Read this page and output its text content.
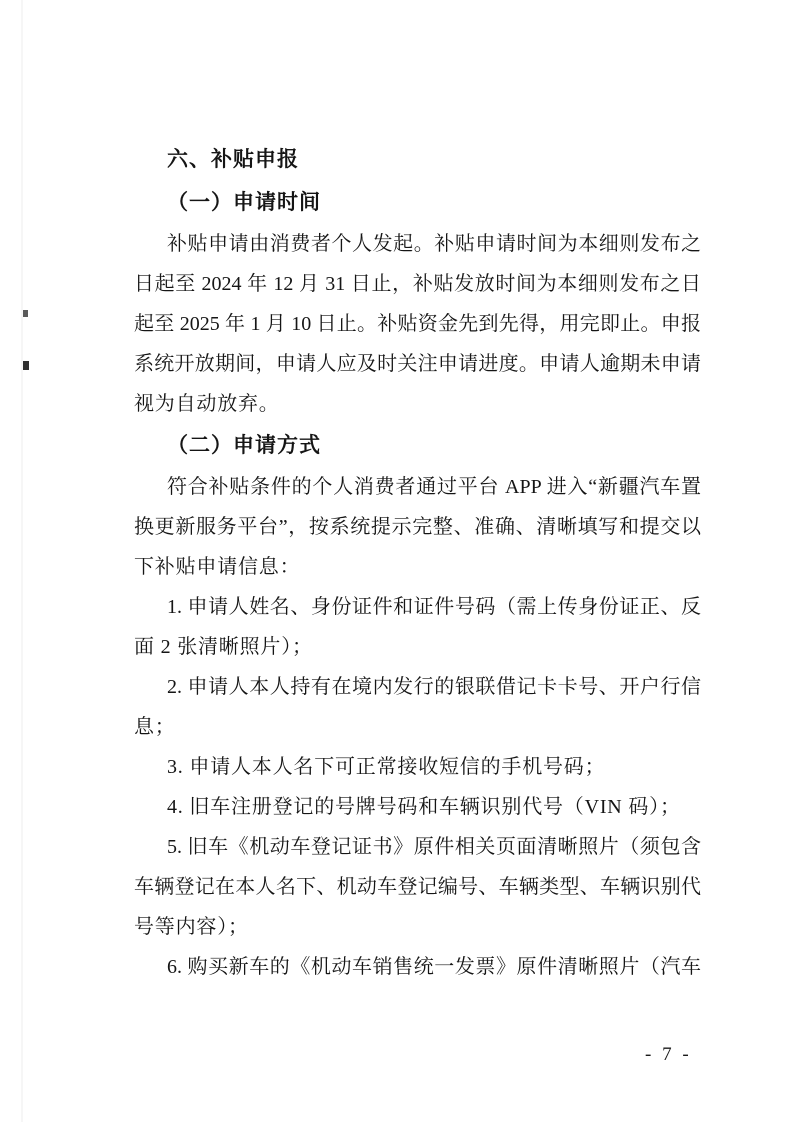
六、补贴申报
（一）申请时间
补贴申请由消费者个人发起。补贴申请时间为本细则发布之
日起至 2024 年 12 月 31 日止，补贴发放时间为本细则发布之日
起至 2025 年 1 月 10 日止。补贴资金先到先得，用完即止。申报
系统开放期间，申请人应及时关注申请进度。申请人逾期未申请
视为自动放弃。
（二）申请方式
符合补贴条件的个人消费者通过平台 APP 进入“新疆汽车置
换更新服务平台”，按系统提示完整、准确、清晰填写和提交以
下补贴申请信息：
1. 申请人姓名、身份证件和证件号码（需上传身份证正、反
面 2 张清晰照片）；
2. 申请人本人持有在境内发行的银联借记卡卡号、开户行信
息；
3. 申请人本人名下可正常接收短信的手机号码；
4. 旧车注册登记的号牌号码和车辆识别代号（VIN 码）；
5. 旧车《机动车登记证书》原件相关页面清晰照片（须包含
车辆登记在本人名下、机动车登记编号、车辆类型、车辆识别代
号等内容）；
6. 购买新车的《机动车销售统一发票》原件清晰照片（汽车
- 7 -
